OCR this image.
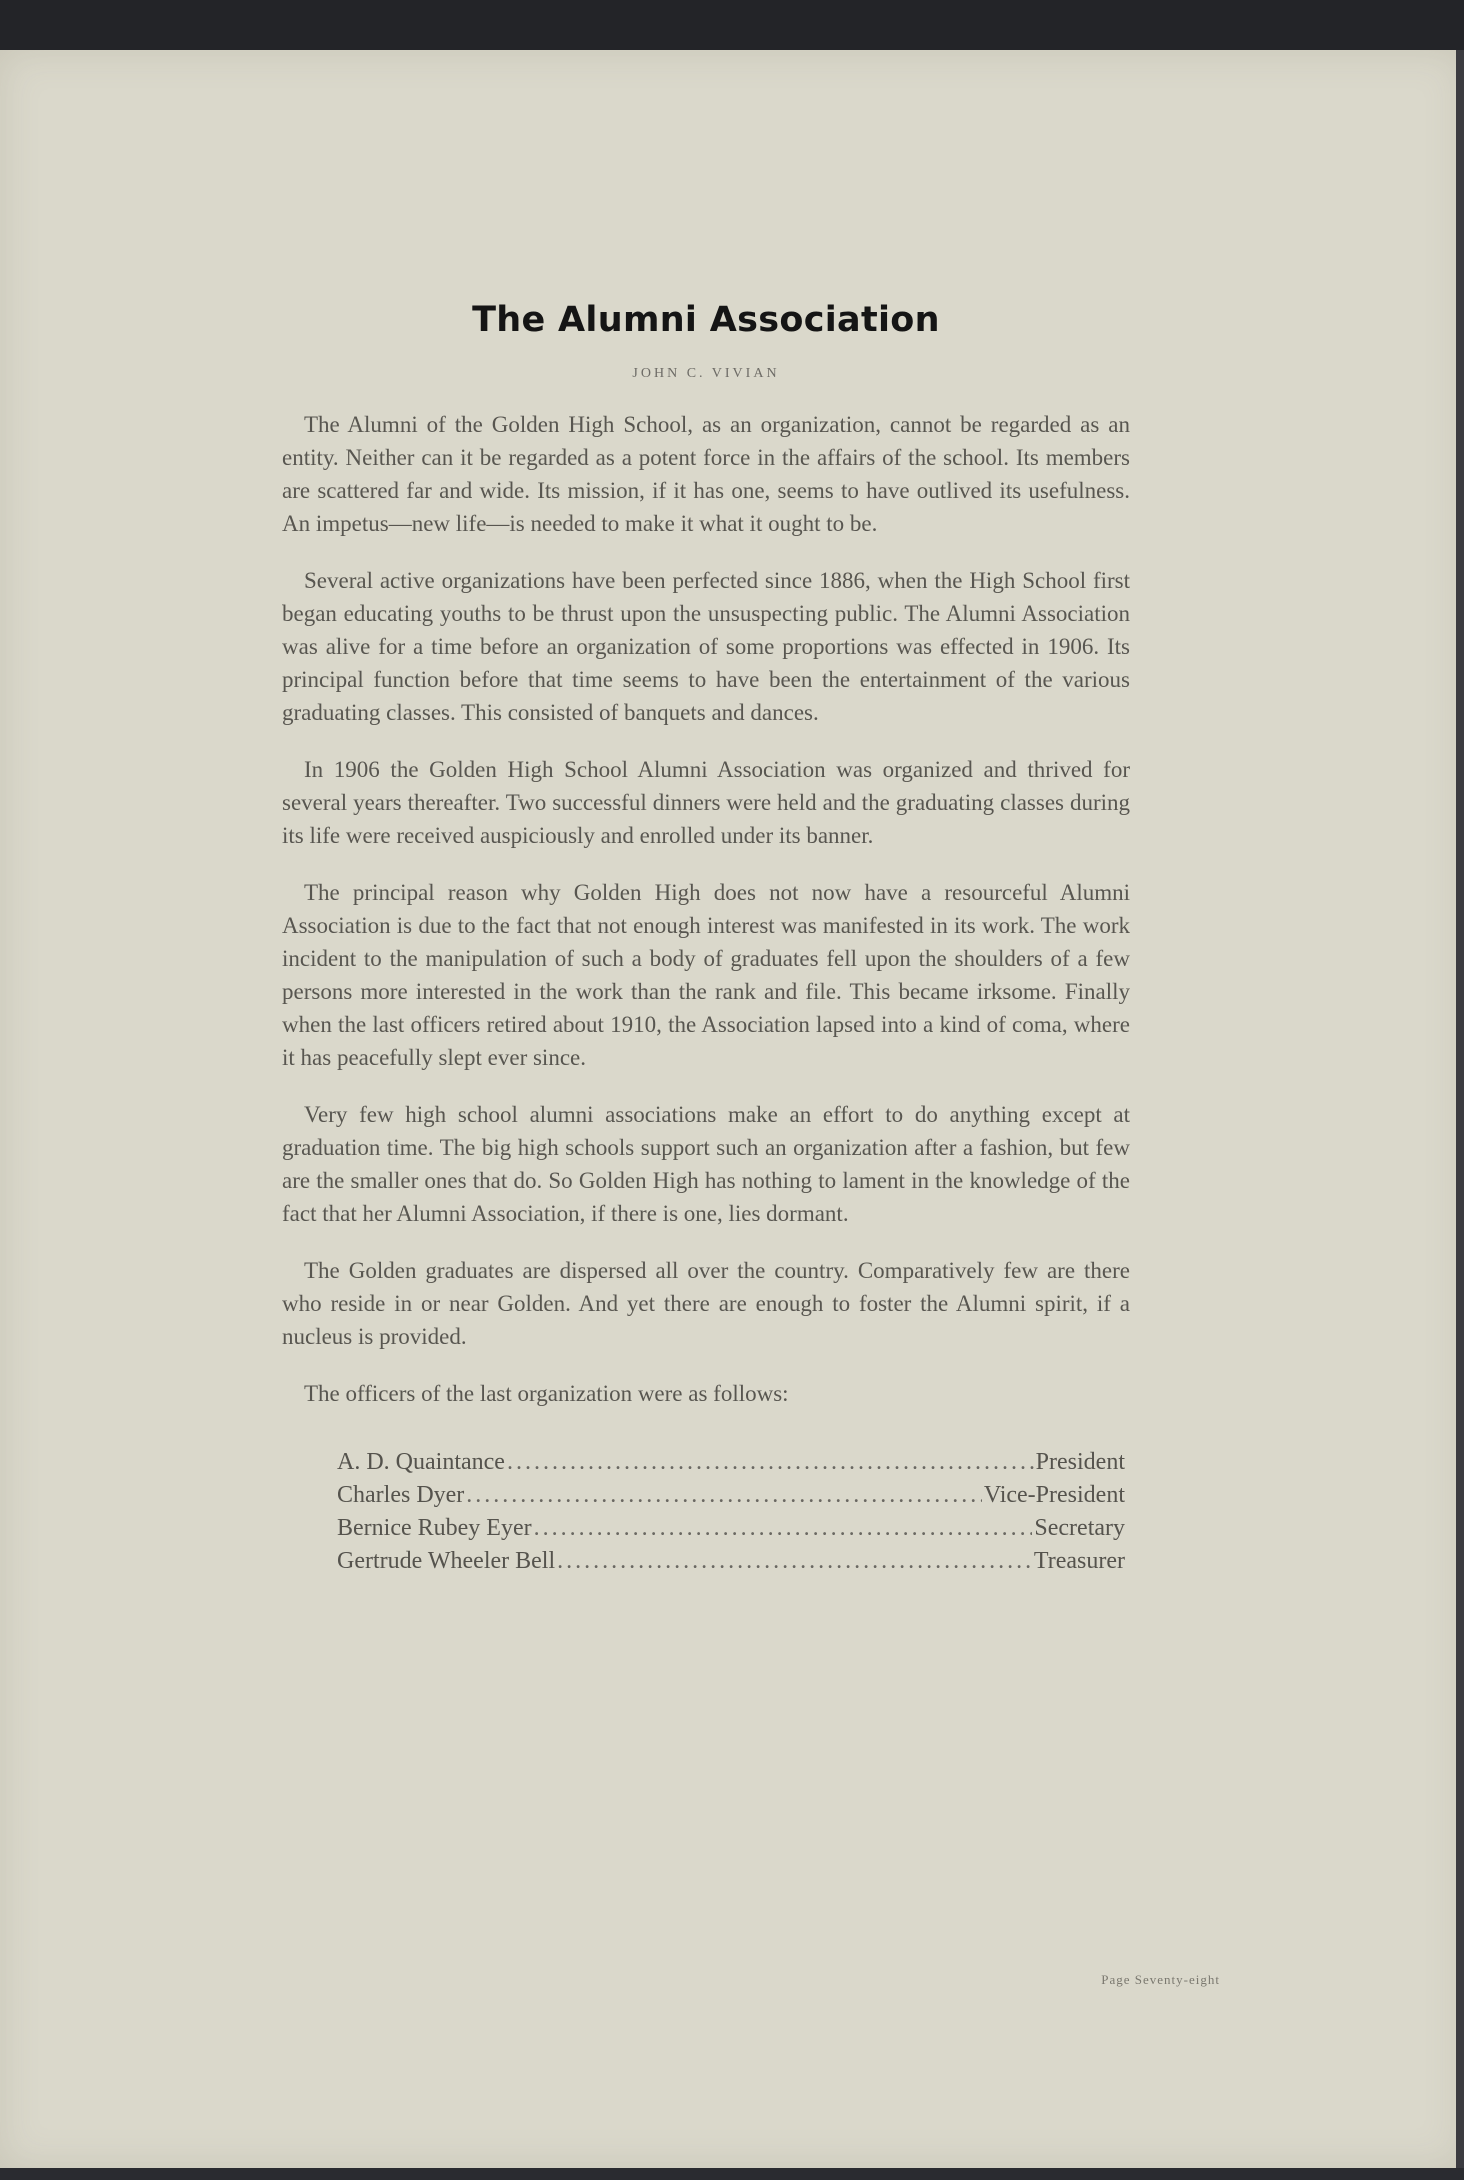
The Alumni Association
JOHN C. VIVIAN

The Alumni of the Golden High School, as an organization, cannot be regarded as an entity. Neither can it be regarded as a potent force in the affairs of the school. Its members are scattered far and wide. Its mission, if it has one, seems to have outlived its usefulness. An impetus—new life—is needed to make it what it ought to be.

Several active organizations have been perfected since 1886, when the High School first began educating youths to be thrust upon the unsuspecting public. The Alumni Association was alive for a time before an organization of some proportions was effected in 1906. Its principal function before that time seems to have been the entertainment of the various graduating classes. This consisted of banquets and dances.

In 1906 the Golden High School Alumni Association was organized and thrived for several years thereafter. Two successful dinners were held and the graduating classes during its life were received auspiciously and enrolled under its banner.

The principal reason why Golden High does not now have a resourceful Alumni Association is due to the fact that not enough interest was manifested in its work. The work incident to the manipulation of such a body of graduates fell upon the shoulders of a few persons more interested in the work than the rank and file. This became irksome. Finally when the last officers retired about 1910, the Association lapsed into a kind of coma, where it has peacefully slept ever since.

Very few high school alumni associations make an effort to do anything except at graduation time. The big high schools support such an organization after a fashion, but few are the smaller ones that do. So Golden High has nothing to lament in the knowledge of the fact that her Alumni Association, if there is one, lies dormant.

The Golden graduates are dispersed all over the country. Comparatively few are there who reside in or near Golden. And yet there are enough to foster the Alumni spirit, if a nucleus is provided.

The officers of the last organization were as follows:

A. D. Quaintance .....	President
Charles Dyer .....	Vice-President
Bernice Rubey Eyer .....	Secretary
Gertrude Wheeler Bell .....	Treasurer
Page Seventy-eight
